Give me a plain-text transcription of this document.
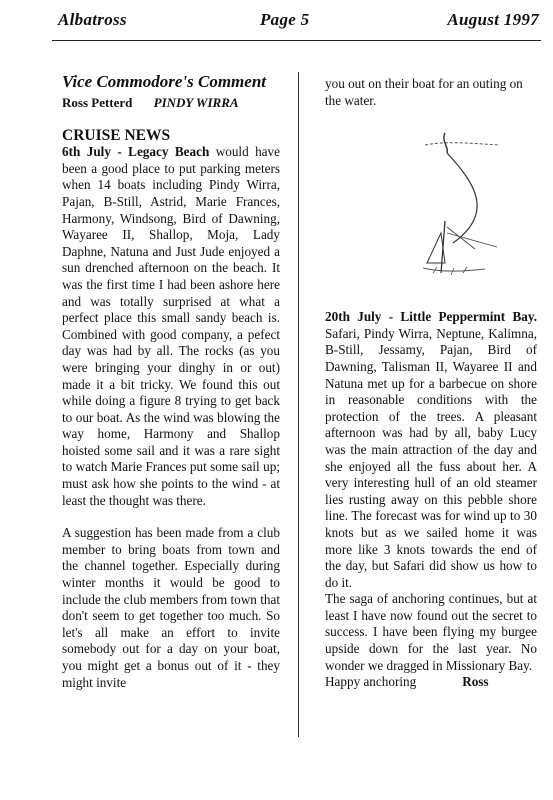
Albatross	Page 5	August 1997

Vice Commodore's Comment

Ross Petterd PINDY WIRRA

CRUISE NEWS

6th July - Legacy Beach would have been a good place to put parking meters when 14 boats including Pindy Wirra, Pajan, B-Still, Astrid, Marie Frances, Harmony, Windsong, Bird of Dawning, Wayaree II, Shallop, Moja, Lady Daphne, Natuna and Just Jude enjoyed a sun drenched afternoon on the beach. It was the first time I had been ashore here and was totally surprised at what a perfect place this small sandy beach is. Combined with good company, a pefect day was had by all. The rocks (as you were bringing your dinghy in or out) made it a bit tricky. We found this out while doing a figure 8 trying to get back to our boat. As the wind was blowing the way home, Harmony and Shallop hoisted some sail and it was a rare sight to watch Marie Frances put some sail up; must ask how she points to the wind - at least the thought was there.

A suggestion has been made from a club member to bring boats from town and the channel together. Especially during winter months it would be good to include the club members from town that don't seem to get together too much. So let's all make an effort to invite somebody out for a day on your boat, you might get a bonus out of it - they might invite

you out on their boat for an outing on the water.

20th July - Little Peppermint Bay. Safari, Pindy Wirra, Neptune, Kalimna, B-Still, Jessamy, Pajan, Bird of Dawning, Talisman II, Wayaree II and Natuna met up for a barbecue on shore in reasonable conditions with the protection of the trees. A pleasant afternoon was had by all, baby Lucy was the main attraction of the day and she enjoyed all the fuss about her. A very interesting hull of an old steamer lies rusting away on this pebble shore line. The forecast was for wind up to 30 knots but as we sailed home it was more like 3 knots towards the end of the day, but Safari did show us how to do it.

The saga of anchoring continues, but at least I have now found out the secret to success. I have been flying my burgee upside down for the last year. No wonder we dragged in Missionary Bay.

Happy anchoring	Ross
